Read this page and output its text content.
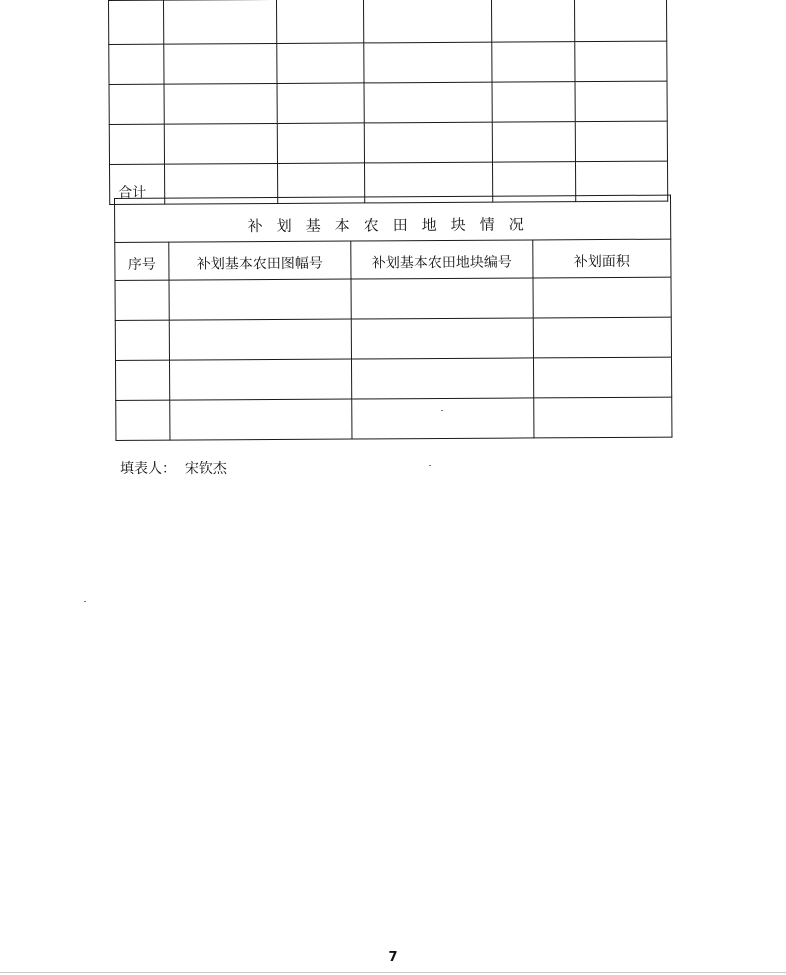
合计					
补划基本农田地块情况			
序号	补划基本农田图幅号	补划基本农田地块编号	补划面积

填表人： 宋钦杰
7
